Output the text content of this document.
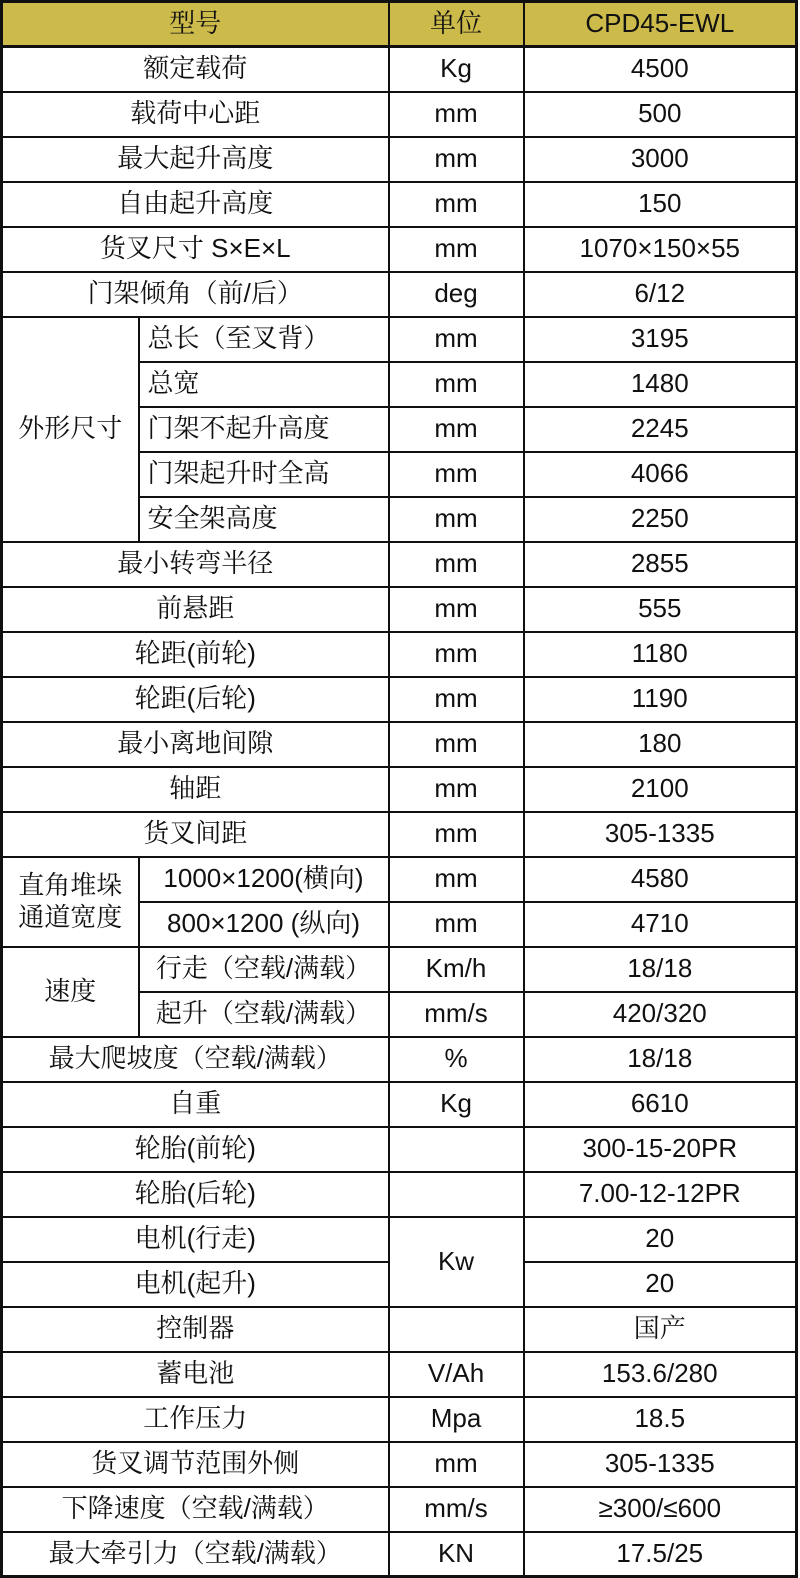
型号		单位	CPD45-EWL
额定载荷		Kg	4500
载荷中心距		mm	500
最大起升高度		mm	3000
自由起升高度		mm	150
货叉尺寸 S×E×L		mm	1070×150×55
门架倾角（前/后）		deg	6/12
外形尺寸	总长（至叉背）	mm	3195
	总宽	mm	1480
	门架不起升高度	mm	2245
	门架起升时全高	mm	4066
	安全架高度	mm	2250
最小转弯半径		mm	2855
前悬距		mm	555
轮距(前轮)		mm	1180
轮距(后轮)		mm	1190
最小离地间隙		mm	180
轴距		mm	2100
货叉间距		mm	305-1335
直角堆垛通道宽度	1000×1200(横向)	mm	4580
	800×1200 (纵向)	mm	4710
速度	行走（空载/满载）	Km/h	18/18
	起升（空载/满载）	mm/s	420/320
最大爬坡度（空载/满载）		%	18/18
自重		Kg	6610
轮胎(前轮)			300-15-20PR
轮胎(后轮)			7.00-12-12PR
电机(行走)		Kw	20
电机(起升)			20
控制器			国产
蓄电池		V/Ah	153.6/280
工作压力		Mpa	18.5
货叉调节范围外侧		mm	305-1335
下降速度（空载/满载）		mm/s	≥300/≤600
最大牵引力（空载/满载）		KN	17.5/25
